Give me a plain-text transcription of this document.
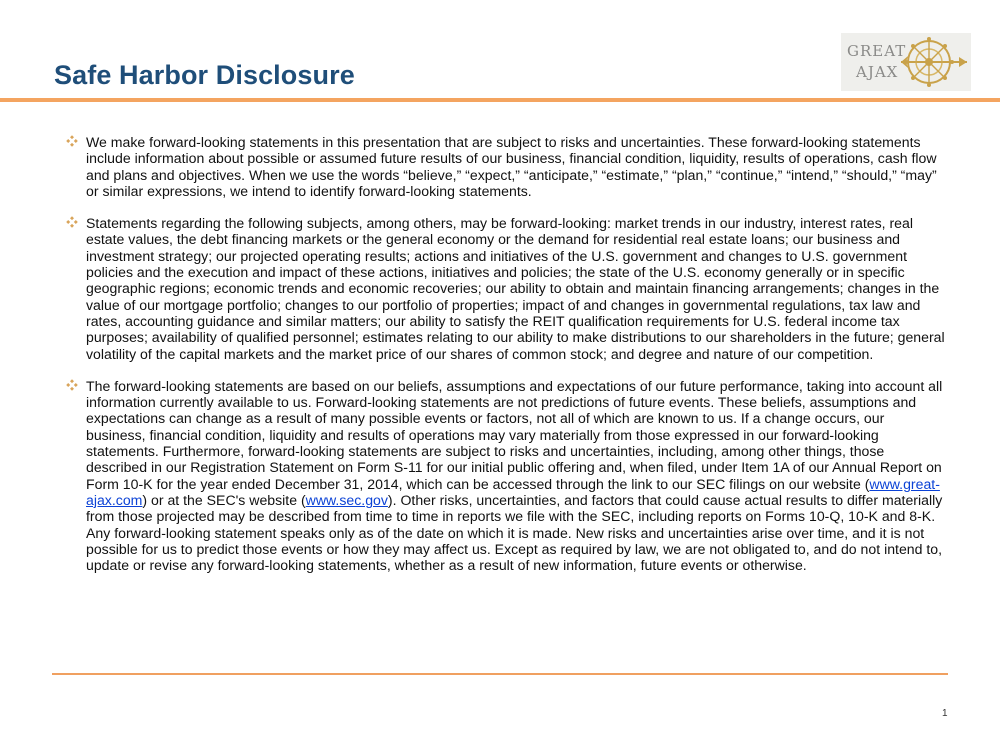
Safe Harbor Disclosure
GREAT
AJAX

We make forward-looking statements in this presentation that are subject to risks and uncertainties. These forward-looking statements include information about possible or assumed future results of our business, financial condition, liquidity, results of operations, cash flow and plans and objectives. When we use the words “believe,” “expect,” “anticipate,” “estimate,” “plan,” “continue,” “intend,” “should,” “may” or similar expressions, we intend to identify forward-looking statements.

Statements regarding the following subjects, among others, may be forward-looking: market trends in our industry, interest rates, real estate values, the debt financing markets or the general economy or the demand for residential real estate loans; our business and investment strategy; our projected operating results; actions and initiatives of the U.S. government and changes to U.S. government policies and the execution and impact of these actions, initiatives and policies; the state of the U.S. economy generally or in specific geographic regions; economic trends and economic recoveries; our ability to obtain and maintain financing arrangements; changes in the value of our mortgage portfolio; changes to our portfolio of properties; impact of and changes in governmental regulations, tax law and rates, accounting guidance and similar matters; our ability to satisfy the REIT qualification requirements for U.S. federal income tax purposes; availability of qualified personnel; estimates relating to our ability to make distributions to our shareholders in the future; general volatility of the capital markets and the market price of our shares of common stock; and degree and nature of our competition.

The forward-looking statements are based on our beliefs, assumptions and expectations of our future performance, taking into account all information currently available to us. Forward-looking statements are not predictions of future events. These beliefs, assumptions and expectations can change as a result of many possible events or factors, not all of which are known to us. If a change occurs, our business, financial condition, liquidity and results of operations may vary materially from those expressed in our forward-looking statements. Furthermore, forward-looking statements are subject to risks and uncertainties, including, among other things, those described in our Registration Statement on Form S-11 for our initial public offering and, when filed, under Item 1A of our Annual Report on Form 10-K for the year ended December 31, 2014, which can be accessed through the link to our SEC filings on our website (www.great-ajax.com) or at the SEC's website (www.sec.gov). Other risks, uncertainties, and factors that could cause actual results to differ materially from those projected may be described from time to time in reports we file with the SEC, including reports on Forms 10-Q, 10-K and 8-K. Any forward-looking statement speaks only as of the date on which it is made. New risks and uncertainties arise over time, and it is not possible for us to predict those events or how they may affect us. Except as required by law, we are not obligated to, and do not intend to, update or revise any forward-looking statements, whether as a result of new information, future events or otherwise.

1
